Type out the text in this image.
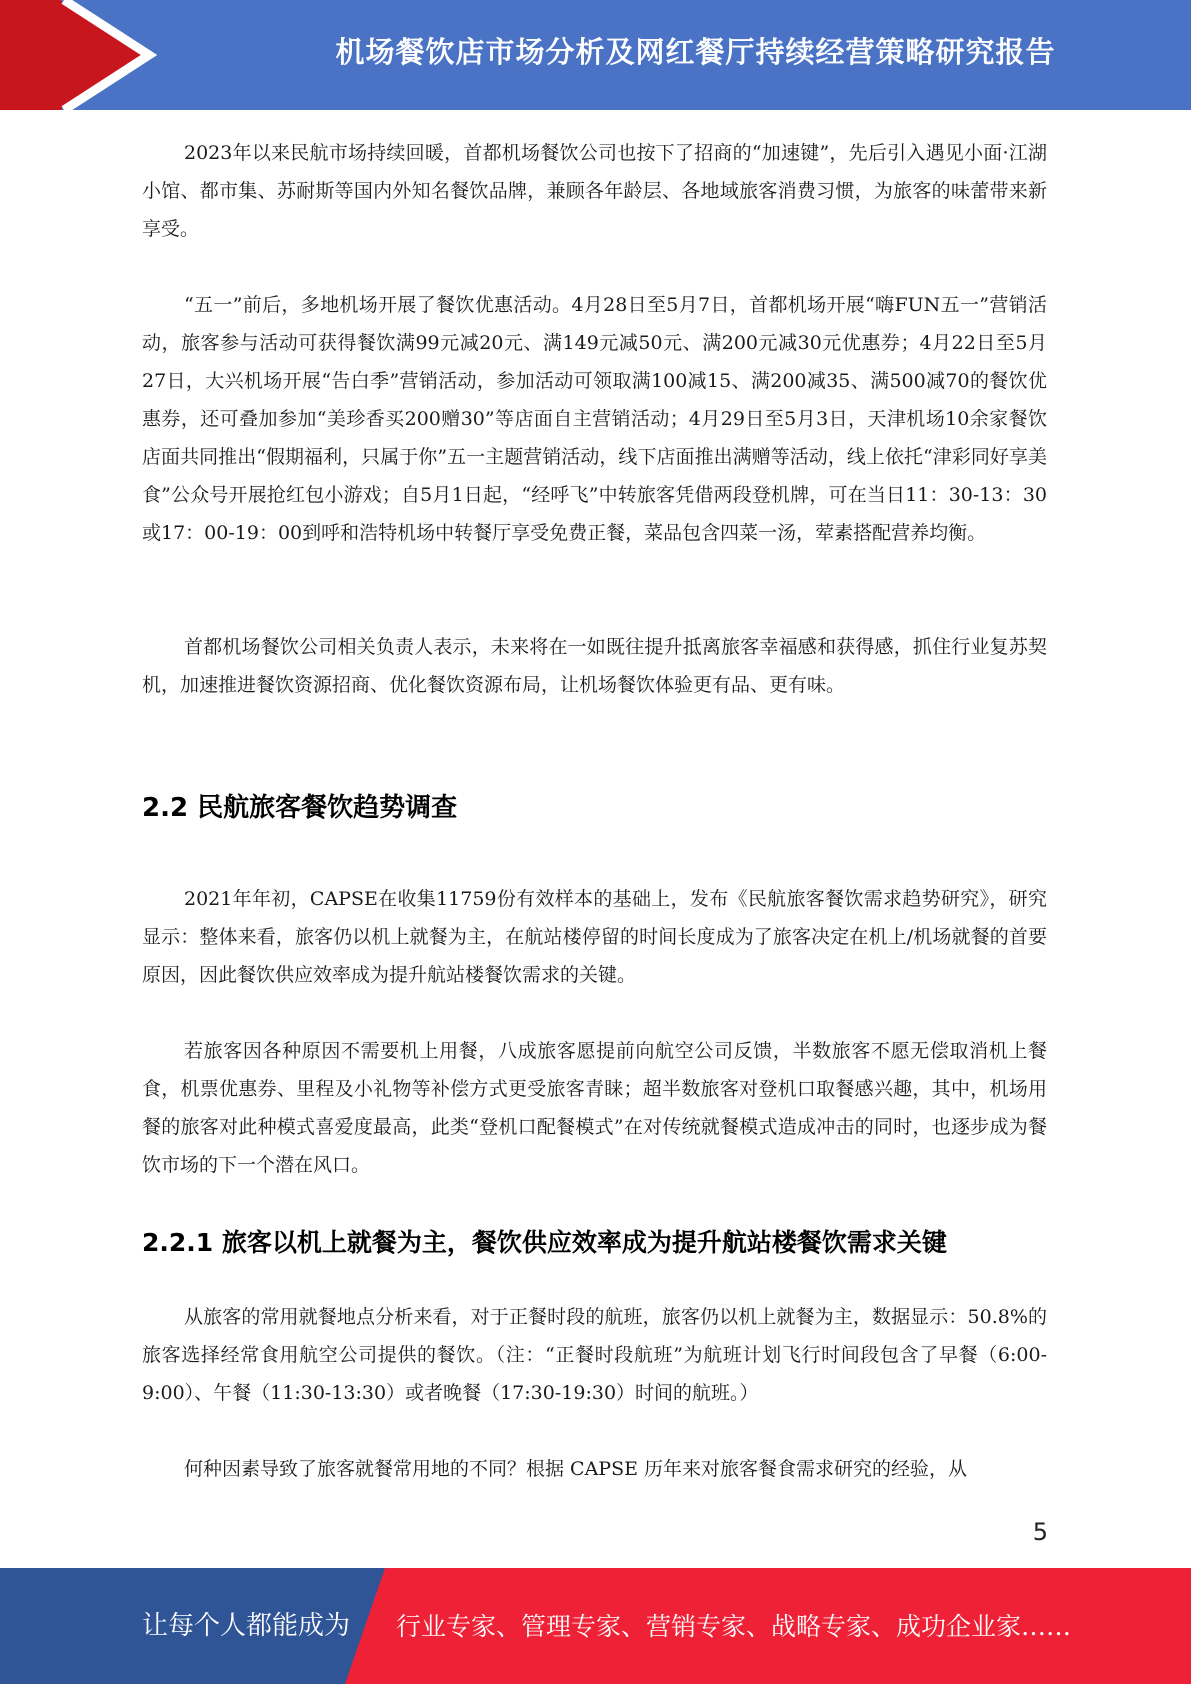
机场餐饮店市场分析及网红餐厅持续经营策略研究报告

2023年以来民航市场持续回暖，首都机场餐饮公司也按下了招商的“加速键”，先后引入遇见小面·江湖小馆、都市集、苏耐斯等国内外知名餐饮品牌，兼顾各年龄层、各地域旅客消费习惯，为旅客的味蕾带来新享受。

“五一”前后，多地机场开展了餐饮优惠活动。4月28日至5月7日，首都机场开展“嗨FUN五一”营销活动，旅客参与活动可获得餐饮满99元减20元、满149元减50元、满200元减30元优惠券；4月22日至5月27日，大兴机场开展“告白季”营销活动，参加活动可领取满100减15、满200减35、满500减70的餐饮优惠券，还可叠加参加“美珍香买200赠30”等店面自主营销活动；4月29日至5月3日，天津机场10余家餐饮店面共同推出“假期福利，只属于你”五一主题营销活动，线下店面推出满赠等活动，线上依托“津彩同好享美食”公众号开展抢红包小游戏；自5月1日起，“经呼飞”中转旅客凭借两段登机牌，可在当日11：30-13：30或17：00-19：00到呼和浩特机场中转餐厅享受免费正餐，菜品包含四菜一汤，荤素搭配营养均衡。

首都机场餐饮公司相关负责人表示，未来将在一如既往提升抵离旅客幸福感和获得感，抓住行业复苏契机，加速推进餐饮资源招商、优化餐饮资源布局，让机场餐饮体验更有品、更有味。

2.2 民航旅客餐饮趋势调查

2021年年初，CAPSE在收集11759份有效样本的基础上，发布《民航旅客餐饮需求趋势研究》，研究显示：整体来看，旅客仍以机上就餐为主，在航站楼停留的时间长度成为了旅客决定在机上/机场就餐的首要原因，因此餐饮供应效率成为提升航站楼餐饮需求的关键。

若旅客因各种原因不需要机上用餐，八成旅客愿提前向航空公司反馈，半数旅客不愿无偿取消机上餐食，机票优惠券、里程及小礼物等补偿方式更受旅客青睐；超半数旅客对登机口取餐感兴趣，其中，机场用餐的旅客对此种模式喜爱度最高，此类“登机口配餐模式”在对传统就餐模式造成冲击的同时，也逐步成为餐饮市场的下一个潜在风口。

2.2.1 旅客以机上就餐为主，餐饮供应效率成为提升航站楼餐饮需求关键

从旅客的常用就餐地点分析来看，对于正餐时段的航班，旅客仍以机上就餐为主，数据显示：50.8%的旅客选择经常食用航空公司提供的餐饮。（注：“正餐时段航班”为航班计划飞行时间段包含了早餐（6:00-9:00）、午餐（11:30-13:30）或者晚餐（17:30-19:30）时间的航班。）

何种因素导致了旅客就餐常用地的不同？根据 CAPSE 历年来对旅客餐食需求研究的经验，从

5
让每个人都能成为 行业专家、管理专家、营销专家、战略专家、成功企业家……
